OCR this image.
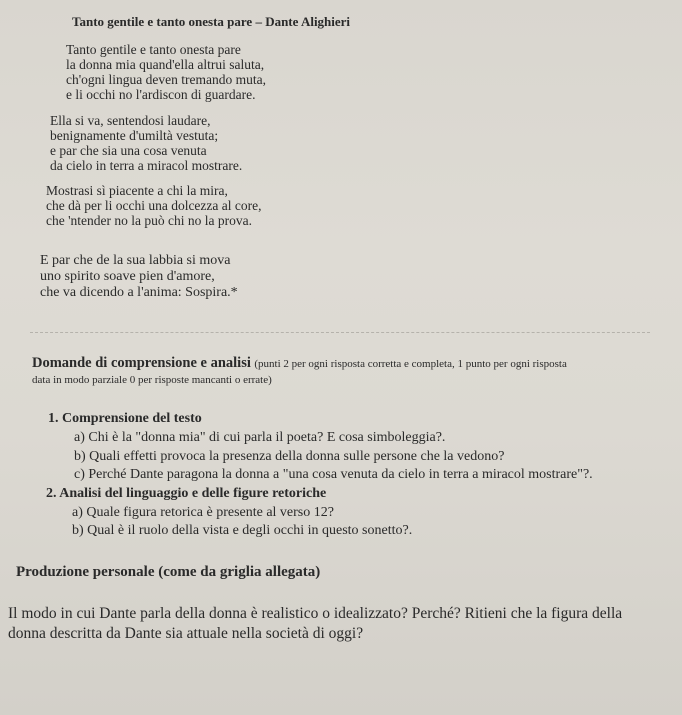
Tanto gentile e tanto onesta pare – Dante Alighieri
Tanto gentile e tanto onesta pare
la donna mia quand'ella altrui saluta,
ch'ogni lingua deven tremando muta,
e li occhi no l'ardiscon di guardare.
Ella si va, sentendosi laudare,
benignamente d'umiltà vestuta;
e par che sia una cosa venuta
da cielo in terra a miracol mostrare.
Mostrasi sì piacente a chi la mira,
che dà per li occhi una dolcezza al core,
che 'ntender no la può chi no la prova.
E par che de la sua labbia si mova
uno spirito soave pien d'amore,
che va dicendo a l'anima: Sospira.*
Domande di comprensione e analisi (punti 2 per ogni risposta corretta e completa, 1 punto per ogni risposta
data in modo parziale 0 per risposte mancanti o errate)
1. Comprensione del testo
a) Chi è la "donna mia" di cui parla il poeta? E cosa simboleggia?.
b) Quali effetti provoca la presenza della donna sulle persone che la vedono?
c) Perché Dante paragona la donna a "una cosa venuta da cielo in terra a miracol mostrare"?.
2. Analisi del linguaggio e delle figure retoriche
a) Quale figura retorica è presente al verso 12?
b) Qual è il ruolo della vista e degli occhi in questo sonetto?.
Produzione personale (come da griglia allegata)
Il modo in cui Dante parla della donna è realistico o idealizzato? Perché? Ritieni che la figura della
donna descritta da Dante sia attuale nella società di oggi?
